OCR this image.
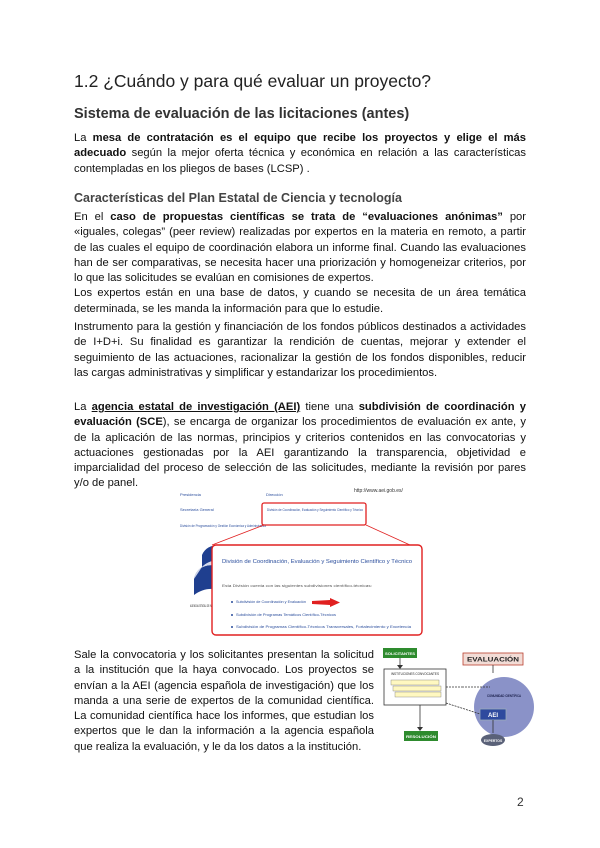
1.2 ¿Cuándo y para qué evaluar un proyecto?
Sistema de evaluación de las licitaciones (antes)

La mesa de contratación es el equipo que recibe los proyectos y elige el más adecuado según la mejor oferta técnica y económica en relación a las características contempladas en los pliegos de bases (LCSP) .

Características del Plan Estatal de Ciencia y tecnología

En el caso de propuestas científicas se trata de “evaluaciones anónimas” por «iguales, colegas” (peer review) realizadas por expertos en la materia en remoto, a partir de las cuales el equipo de coordinación elabora un informe final. Cuando las evaluaciones han de ser comparativas, se necesita hacer una priorización y homogeneizar criterios, por lo que las solicitudes se evalúan en comisiones de expertos.
Los expertos están en una base de datos, y cuando se necesita de un área temática determinada, se les manda la información para que lo estudie.

Instrumento para la gestión y financiación de los fondos públicos destinados a actividades de I+D+i. Su finalidad es garantizar la rendición de cuentas, mejorar y extender el seguimiento de las actuaciones, racionalizar la gestión de los fondos disponibles, reducir las cargas administrativas y simplificar y estandarizar los procedimientos.

La agencia estatal de investigación (AEI) tiene una subdivisión de coordinación y evaluación (SCE), se encarga de organizar los procedimientos de evaluación ex ante, y de la aplicación de las normas, principios y criterios contenidos en las convocatorias y actuaciones gestionadas por la AEI garantizando la transparencia, objetividad e imparcialidad del proceso de selección de las solicitudes, mediante la revisión por pares y/o de panel.

http://www.aei.gob.es/
Presidencia	Dirección
Secretaría General
División de Programación y Gestión Económica y Administrativa
División de Coordinación, Evaluación y Seguimiento Científico y Técnico
División de Coordinación, Evaluación y Seguimiento Científico y Técnico
Esta División cuenta con las siguientes subdivisiones científico-técnicas:
Subdivisión de Coordinación y Evaluación
Subdivisión de Programas Temáticos Científico-Técnicos
Subdivisión de Programas Científico-Técnicos Transversales, Fortalecimiento y Excelencia

Sale la convocatoria y los solicitantes presentan la solicitud a la institución que la haya convocado. Los proyectos se envían a la AEI (agencia española de investigación) que los manda a una serie de expertos de la comunidad científica. La comunidad científica hace los informes, que estudian los expertos que le dan la información a la agencia española que realiza la evaluación, y le da los datos a la institución.

COMUNIDAD CIENTÍFICA
SOLICITANTES
EVALUACIÓN
INSTITUCIONES CONVOCANTES
AEI
RESOLUCIÓN
EXPERTOS
2
